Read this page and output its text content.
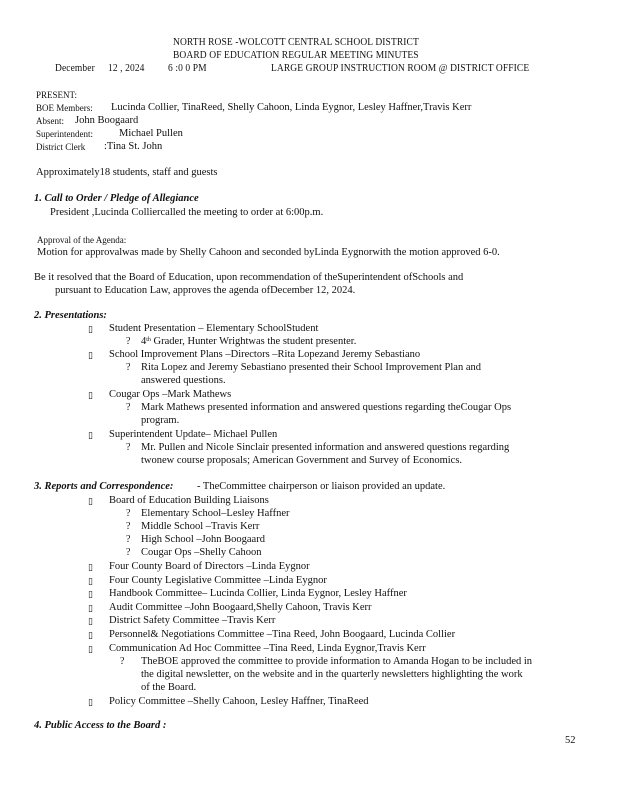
NORTH ROSE -WOLCOTT CENTRAL SCHOOL DISTRICT
BOARD OF EDUCATION REGULAR MEETING MINUTES
December 12 , 2024 6 :0 0 PM	LARGE GROUP INSTRUCTION ROOM @ DISTRICT OFFICE
PRESENT:
BOE Members: Lucinda Collier, TinaReed, Shelly Cahoon, Linda Eygnor, Lesley Haffner,Travis Kerr
Absent: John Boogaard
Superintendent: Michael Pullen
District Clerk :Tina St. John
Approximately18 students, staff and guests
1. Call to Order / Pledge of Allegiance
President ,Lucinda Colliercalled the meeting to order at 6:00p.m.
Approval of the Agenda:
Motion for approvalwas made by Shelly Cahoon and seconded byLinda Eygnorwith the motion approved 6-0.
Be it resolved that the Board of Education, upon recommendation of theSuperintendent ofSchools and
pursuant to Education Law, approves the agenda ofDecember 12, 2024.
2. Presentations:
▯ Student Presentation – Elementary SchoolStudent
? 4th Grader, Hunter Wrightwas the student presenter.
▯ School Improvement Plans –Directors –Rita Lopezand Jeremy Sebastiano
? Rita Lopez and Jeremy Sebastiano presented their School Improvement Plan and
answered questions.
▯ Cougar Ops –Mark Mathews
? Mark Mathews presented information and answered questions regarding theCougar Ops
program.
▯ Superintendent Update– Michael Pullen
? Mr. Pullen and Nicole Sinclair presented information and answered questions regarding
twonew course proposals; American Government and Survey of Economics.
3. Reports and Correspondence: - TheCommittee chairperson or liaison provided an update.
▯ Board of Education Building Liaisons
? Elementary School–Lesley Haffner
? Middle School –Travis Kerr
? High School –John Boogaard
? Cougar Ops –Shelly Cahoon
▯ Four County Board of Directors –Linda Eygnor
▯ Four County Legislative Committee –Linda Eygnor
▯ Handbook Committee– Lucinda Collier, Linda Eygnor, Lesley Haffner
▯ Audit Committee –John Boogaard,Shelly Cahoon, Travis Kerr
▯ District Safety Committee –Travis Kerr
▯ Personnel& Negotiations Committee –Tina Reed, John Boogaard, Lucinda Collier
▯ Communication Ad Hoc Committee –Tina Reed, Linda Eygnor,Travis Kerr
? TheBOE approved the committee to provide information to Amanda Hogan to be included in
the digital newsletter, on the website and in the quarterly newsletters highlighting the work
of the Board.
▯ Policy Committee –Shelly Cahoon, Lesley Haffner, TinaReed
4. Public Access to the Board :
52
